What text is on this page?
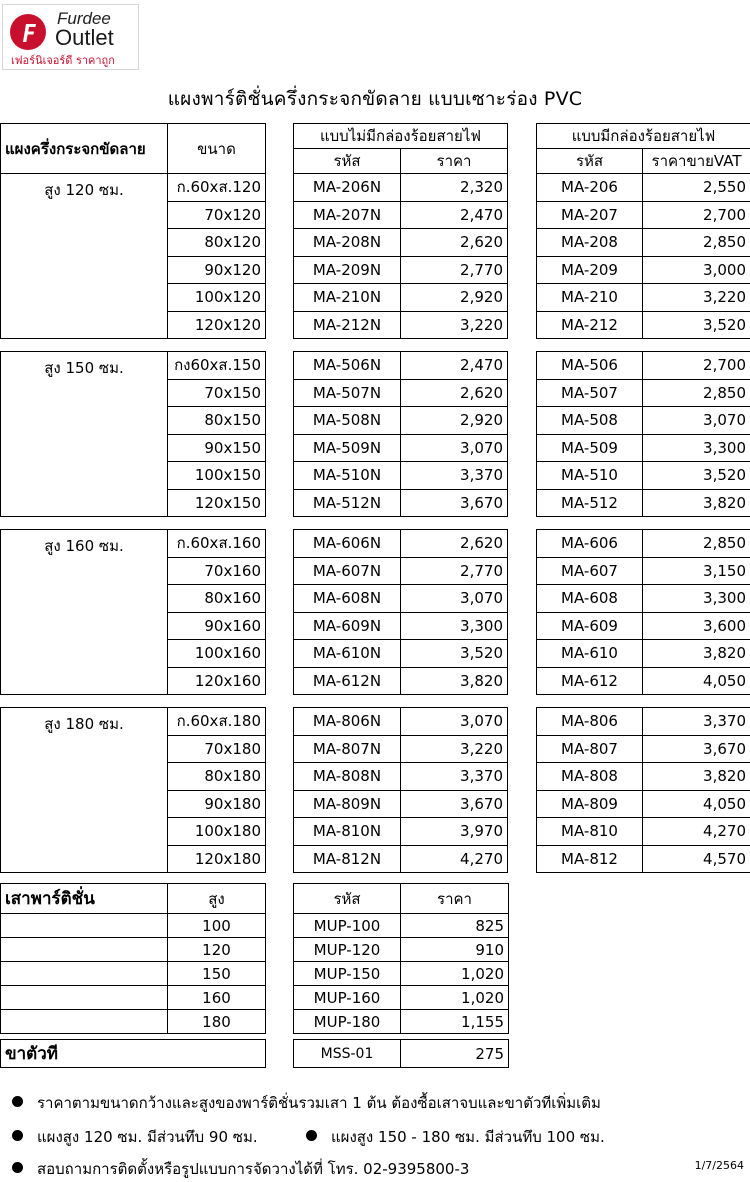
Furdee
Outlet
เฟอร์นิเจอร์ดี ราคาถูก
แผงพาร์ติชั่นครึ่งกระจกขัดลาย แบบเซาะร่อง PVC
แผงครึ่งกระจกขัดลาย	ขนาด		แบบไม่มีกล่องร้อยสายไฟ			แบบมีกล่องร้อยสายไฟ	
			รหัส	ราคา		รหัส	ราคาขายVAT
สูง 120 ซม.	ก.60xส.120		MA-206N	2,320		MA-206	2,550
	70x120		MA-207N	2,470		MA-207	2,700
	80x120		MA-208N	2,620		MA-208	2,850
	90x120		MA-209N	2,770		MA-209	3,000
	100x120		MA-210N	2,920		MA-210	3,220
	120x120		MA-212N	3,220		MA-212	3,520

สูง 150 ซม.	กง60xส.150		MA-506N	2,470		MA-506	2,700
	70x150		MA-507N	2,620		MA-507	2,850
	80x150		MA-508N	2,920		MA-508	3,070
	90x150		MA-509N	3,070		MA-509	3,300
	100x150		MA-510N	3,370		MA-510	3,520
	120x150		MA-512N	3,670		MA-512	3,820

สูง 160 ซม.	ก.60xส.160		MA-606N	2,620		MA-606	2,850
	70x160		MA-607N	2,770		MA-607	3,150
	80x160		MA-608N	3,070		MA-608	3,300
	90x160		MA-609N	3,300		MA-609	3,600
	100x160		MA-610N	3,520		MA-610	3,820
	120x160		MA-612N	3,820		MA-612	4,050

สูง 180 ซม.	ก.60xส.180		MA-806N	3,070		MA-806	3,370
	70x180		MA-807N	3,220		MA-807	3,670
	80x180		MA-808N	3,370		MA-808	3,820
	90x180		MA-809N	3,670		MA-809	4,050
	100x180		MA-810N	3,970		MA-810	4,270
	120x180		MA-812N	4,270		MA-812	4,570
เสาพาร์ติชั่น	สูง		รหัส	ราคา
	100		MUP-100	825
	120		MUP-120	910
	150		MUP-150	1,020
	160		MUP-160	1,020
	180		MUP-180	1,155

ขาตัวที			MSS-01	275
ราคาตามขนาดกว้างและสูงของพาร์ติชั่นรวมเสา 1 ต้น ต้องซื้อเสาจบและขาตัวทีเพิ่มเติม
แผงสูง 120 ซม. มีส่วนทึบ 90 ซม.	แผงสูง 150 - 180 ซม. มีส่วนทึบ 100 ซม.
สอบถามการติดตั้งหรือรูปแบบการจัดวางได้ที่ โทร. 02-9395800-3	1/7/2564
